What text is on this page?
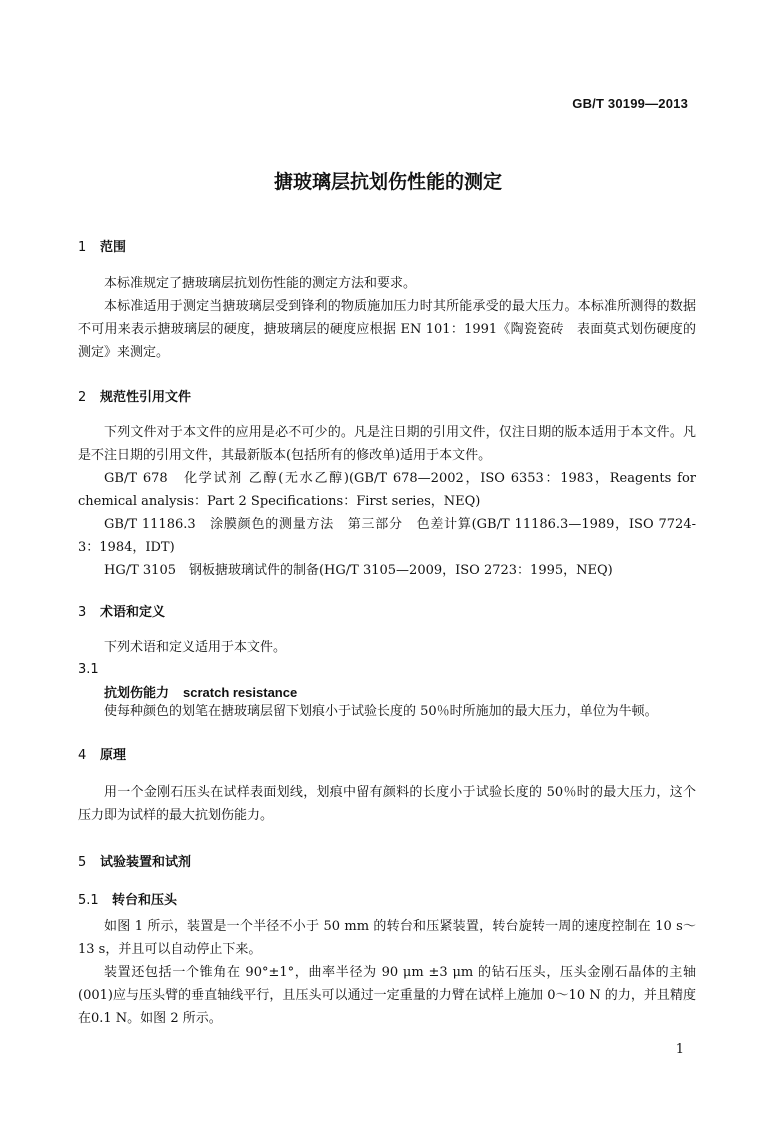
GB/T 30199—2013
搪玻璃层抗划伤性能的测定
1 范围
本标准规定了搪玻璃层抗划伤性能的测定方法和要求。
本标准适用于测定当搪玻璃层受到锋利的物质施加压力时其所能承受的最大压力。本标准所测得的数据不可用来表示搪玻璃层的硬度，搪玻璃层的硬度应根据 EN 101：1991《陶瓷瓷砖　表面莫式划伤硬度的测定》来测定。
2 规范性引用文件
下列文件对于本文件的应用是必不可少的。凡是注日期的引用文件，仅注日期的版本适用于本文件。凡是不注日期的引用文件，其最新版本(包括所有的修改单)适用于本文件。
GB/T 678　化学试剂 乙醇(无水乙醇)(GB/T 678—2002，ISO 6353：1983，Reagents for chemical analysis：Part 2 Specifications：First series，NEQ)
GB/T 11186.3　涂膜颜色的测量方法　第三部分　色差计算(GB/T 11186.3—1989，ISO 7724-3：1984，IDT)
HG/T 3105　钢板搪玻璃试件的制备(HG/T 3105—2009，ISO 2723：1995，NEQ)
3 术语和定义
下列术语和定义适用于本文件。
3.1
抗划伤能力 scratch resistance
使每种颜色的划笔在搪玻璃层留下划痕小于试验长度的 50％时所施加的最大压力，单位为牛顿。
4 原理
用一个金刚石压头在试样表面划线，划痕中留有颜料的长度小于试验长度的 50％时的最大压力，这个压力即为试样的最大抗划伤能力。
5 试验装置和试剂
5.1 转台和压头
如图 1 所示，装置是一个半径不小于 50 mm 的转台和压紧装置，转台旋转一周的速度控制在 10 s～13 s，并且可以自动停止下来。
装置还包括一个锥角在 90°±1°，曲率半径为 90 μm ±3 μm 的钻石压头，压头金刚石晶体的主轴(001)应与压头臂的垂直轴线平行，且压头可以通过一定重量的力臂在试样上施加 0～10 N 的力，并且精度在0.1 N。如图 2 所示。
1
